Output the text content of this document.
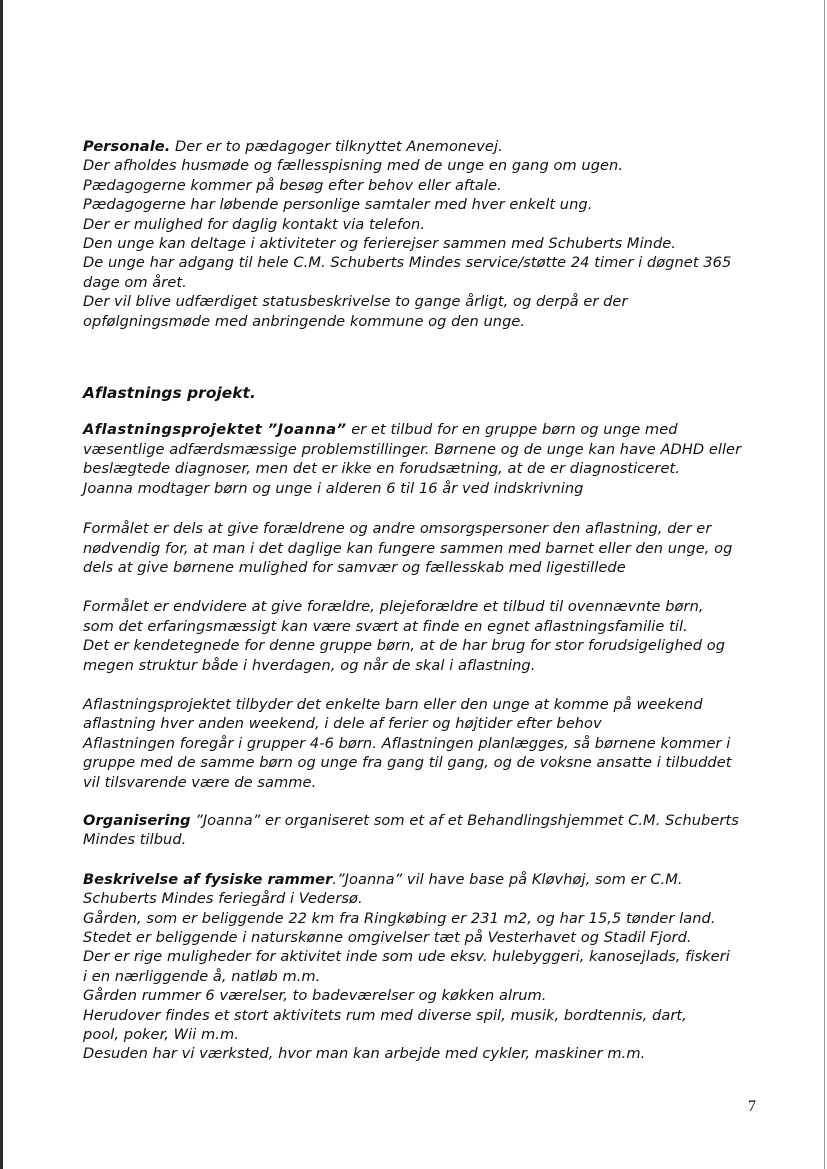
Personale. Der er to pædagoger tilknyttet Anemonevej.
Der afholdes husmøde og fællesspisning med de unge en gang om ugen.
Pædagogerne kommer på besøg efter behov eller aftale.
Pædagogerne har løbende personlige samtaler med hver enkelt ung.
Der er mulighed for daglig kontakt via telefon.
Den unge kan deltage i aktiviteter og ferierejser sammen med Schuberts Minde.
De unge har adgang til hele C.M. Schuberts Mindes service/støtte 24 timer i døgnet 365
dage om året.
Der vil blive udfærdiget statusbeskrivelse to gange årligt, og derpå er der
opfølgningsmøde med anbringende kommune og den unge.
Aflastnings projekt.
Aflastningsprojektet ”Joanna” er et tilbud for en gruppe børn og unge med
væsentlige adfærdsmæssige problemstillinger. Børnene og de unge kan have ADHD eller
beslægtede diagnoser, men det er ikke en forudsætning, at de er diagnosticeret.
Joanna modtager børn og unge i alderen 6 til 16 år ved indskrivning
Formålet er dels at give forældrene og andre omsorgspersoner den aflastning, der er
nødvendig for, at man i det daglige kan fungere sammen med barnet eller den unge, og
dels at give børnene mulighed for samvær og fællesskab med ligestillede
Formålet er endvidere at give forældre, plejeforældre et tilbud til ovennævnte børn,
som det erfaringsmæssigt kan være svært at finde en egnet aflastningsfamilie til.
Det er kendetegnede for denne gruppe børn, at de har brug for stor forudsigelighed og
megen struktur både i hverdagen, og når de skal i aflastning.
Aflastningsprojektet tilbyder det enkelte barn eller den unge at komme på weekend
aflastning hver anden weekend, i dele af ferier og højtider efter behov
Aflastningen foregår i grupper 4-6 børn. Aflastningen planlægges, så børnene kommer i
gruppe med de samme børn og unge fra gang til gang, og de voksne ansatte i tilbuddet
vil tilsvarende være de samme.
Organisering ”Joanna” er organiseret som et af et Behandlingshjemmet C.M. Schuberts
Mindes tilbud.
Beskrivelse af fysiske rammer.”Joanna” vil have base på Kløvhøj, som er C.M.
Schuberts Mindes feriegård i Vedersø.
Gården, som er beliggende 22 km fra Ringkøbing er 231 m2, og har 15,5 tønder land.
Stedet er beliggende i naturskønne omgivelser tæt på Vesterhavet og Stadil Fjord.
Der er rige muligheder for aktivitet inde som ude eksv. hulebyggeri, kanosejlads, fiskeri
i en nærliggende å, natløb m.m.
Gården rummer 6 værelser, to badeværelser og køkken alrum.
Herudover findes et stort aktivitets rum med diverse spil, musik, bordtennis, dart,
pool, poker, Wii m.m.
Desuden har vi værksted, hvor man kan arbejde med cykler, maskiner m.m.
7
